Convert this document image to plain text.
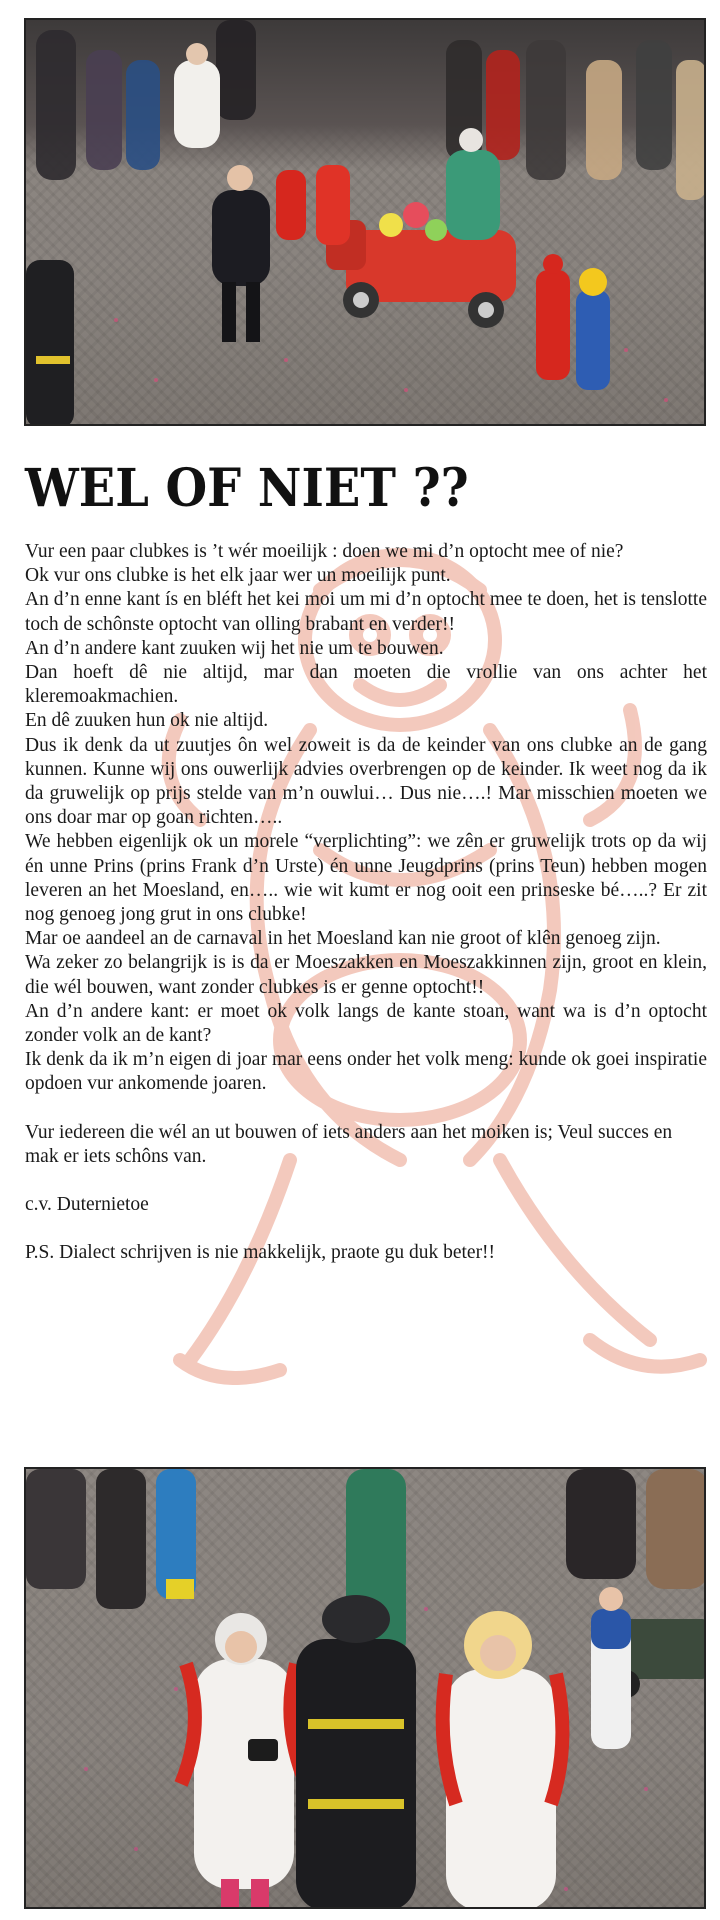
WEL OF NIET ??

Vur een paar clubkes is ’t wér moeilijk : doen we mi d’n optocht mee of nie?

Ok vur ons clubke is het elk jaar wer un moeilijk punt.

An d’n enne kant ís en bléft het kei moi um mi d’n optocht mee te doen, het is tenslotte toch de schônste optocht van olling brabant en verder!!

An d’n andere kant zuuken wij het nie um te bouwen.

Dan hoeft dê nie altijd, mar dan moeten die vrollie van ons achter het kleremoakmachien.

En dê zuuken hun ok nie altijd.

Dus ik denk da ut zuutjes ôn wel zoweit is da de keinder van ons clubke an de gang kunnen. Kunne wij ons ouwerlijk advies overbrengen op de keinder. Ik weet nog da ik da gruwelijk op prijs stelde van m’n ouwlui… Dus nie….! Mar misschien moeten we ons doar mar op goan richten…..

We hebben eigenlijk ok un morele “verplichting”: we zên er gruwelijk trots op da wij én unne Prins (prins Frank d’n Urste) én unne Jeugdprins (prins Teun) hebben mogen leveren an het Moesland, en….. wie wit kumt er nog ooit een prinseske bé…..? Er zit nog genoeg jong grut in ons clubke!

Mar oe aandeel an de carnaval in het Moesland kan nie groot of klên genoeg zijn.

Wa zeker zo belangrijk is is da er Moeszakken en Moeszakkinnen zijn, groot en klein, die wél bouwen, want zonder clubkes is er genne optocht!!

An d’n andere kant: er moet ok volk langs de kante stoan, want wa is d’n optocht zonder volk an de kant?

Ik denk da ik m’n eigen di joar mar eens onder het volk meng: kunde ok goei inspiratie opdoen vur ankomende joaren.

Vur iedereen die wél an ut bouwen of iets anders aan het moiken is; Veul succes en mak er iets schôns van.

c.v. Duternietoe

P.S. Dialect schrijven is nie makkelijk, praote gu duk beter!!
